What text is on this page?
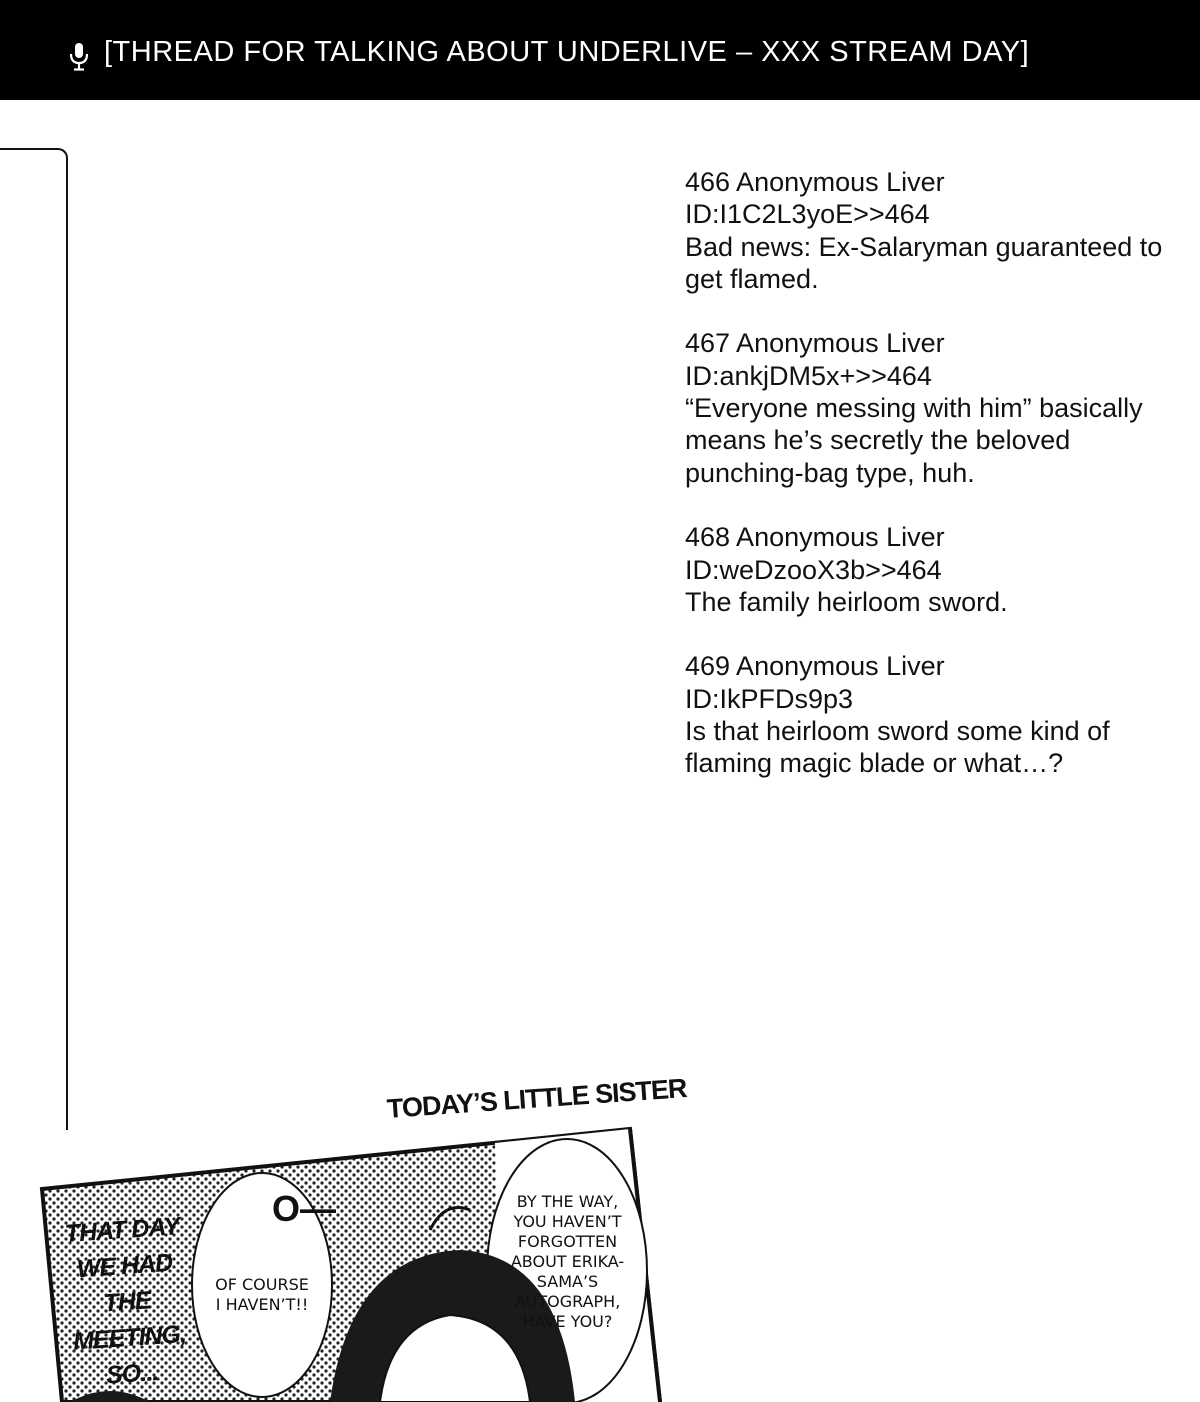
[THREAD FOR TALKING ABOUT UNDERLIVE – XXX STREAM DAY]
466 Anonymous Liver
ID:I1C2L3yoE>>464
Bad news: Ex-Salaryman guaranteed to get flamed.
467 Anonymous Liver
ID:ankjDM5x+>>464
“Everyone messing with him” basically means he’s secretly the beloved punching-bag type, huh.
468 Anonymous Liver
ID:weDzooX3b>>464
The family heirloom sword.
469 Anonymous Liver
ID:IkPFDs9p3
Is that heirloom sword some kind of flaming magic blade or what…?
TODAY’S LITTLE SISTER
THAT DAY WE HAD THE MEETING, SO...
O—
OF COURSE I HAVEN’T!!
BY THE WAY, YOU HAVEN’T FORGOTTEN ABOUT ERIKA-SAMA’S AUTOGRAPH, HAVE YOU?
